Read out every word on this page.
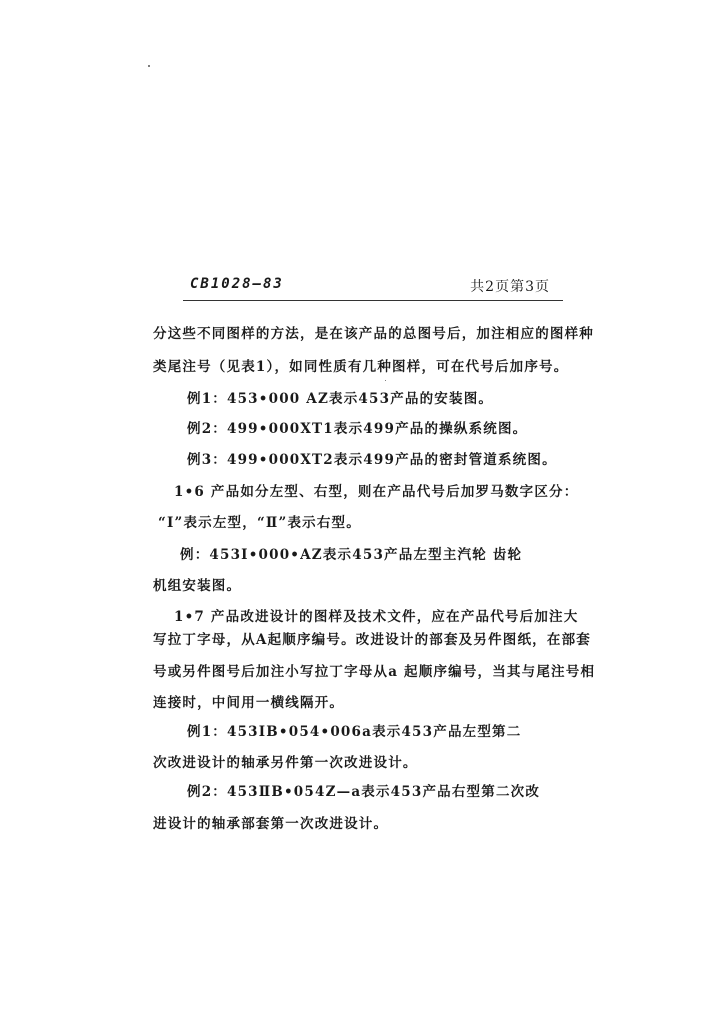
CB1028—83	共2页第3页
分这些不同图样的方法，是在该产品的总图号后，加注相应的图样种
类尾注号（见表1），如同性质有几种图样，可在代号后加序号。
例1：453•000 AZ表示453产品的安装图。
例2：499•000XT1表示499产品的操纵系统图。
例3：499•000XT2表示499产品的密封管道系统图。
1•6 产品如分左型、右型，则在产品代号后加罗马数字区分：
“Ⅰ”表示左型，“Ⅱ”表示右型。
例：453Ⅰ•000•AZ表示453产品左型主汽轮 齿轮
机组安装图。
1•7 产品改进设计的图样及技术文件，应在产品代号后加注大
写拉丁字母，从A起顺序编号。改进设计的部套及另件图纸，在部套
号或另件图号后加注小写拉丁字母从a 起顺序编号，当其与尾注号相
连接时，中间用一横线隔开。
例1：453ⅠB•054•006a表示453产品左型第二
次改进设计的轴承另件第一次改进设计。
例2：453ⅡB•054Z—a表示453产品右型第二次改
进设计的轴承部套第一次改进设计。
